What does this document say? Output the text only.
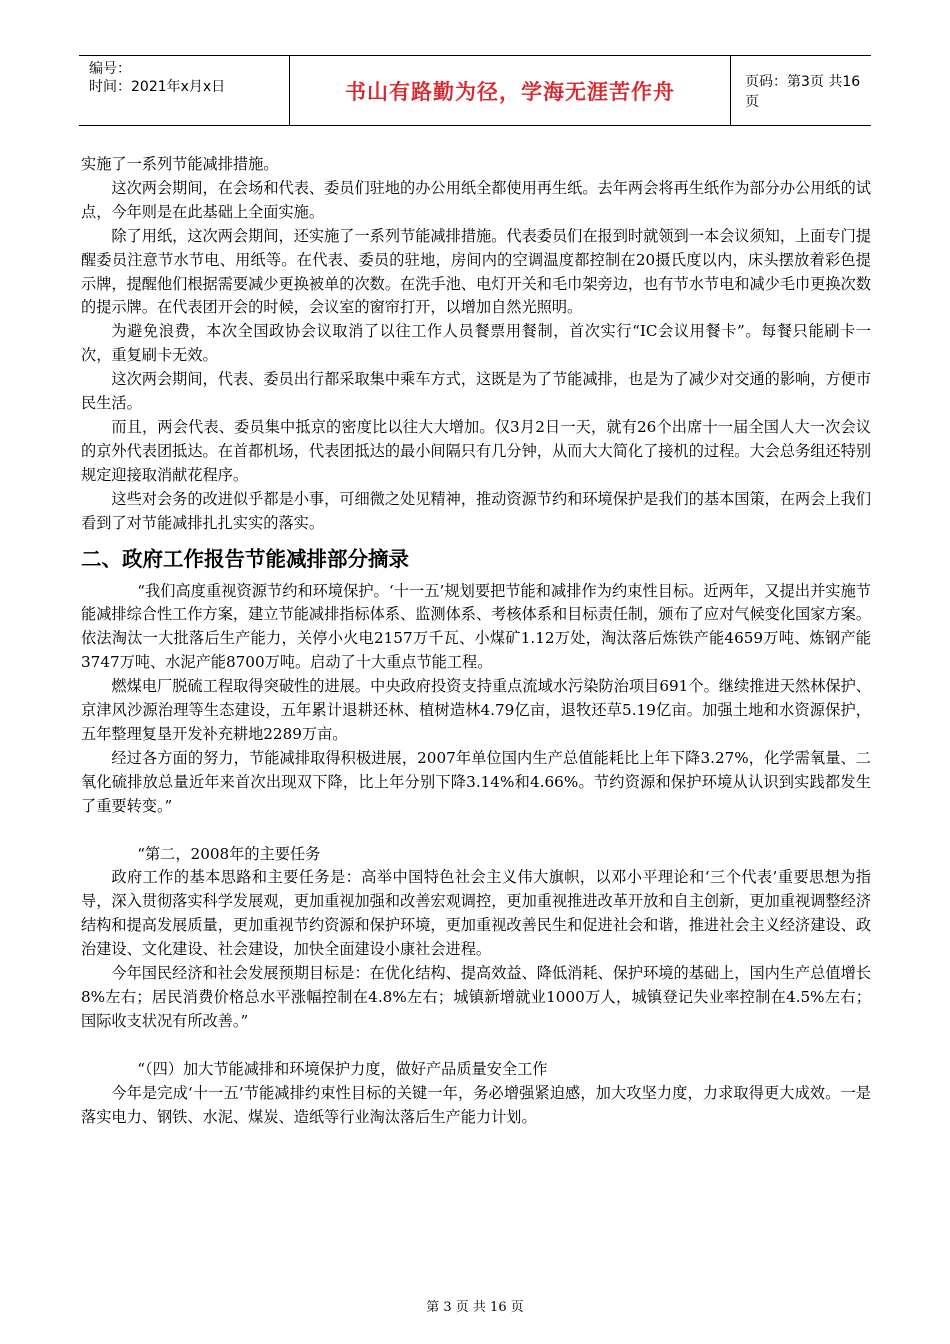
编号：
时间：2021年x月x日	书山有路勤为径，学海无涯苦作舟	页码：第3页 共16页

实施了一系列节能减排措施。

这次两会期间，在会场和代表、委员们驻地的办公用纸全都使用再生纸。去年两会将再生纸作为部分办公用纸的试点，今年则是在此基础上全面实施。

除了用纸，这次两会期间，还实施了一系列节能减排措施。代表委员们在报到时就领到一本会议须知，上面专门提醒委员注意节水节电、用纸等。在代表、委员的驻地，房间内的空调温度都控制在20摄氏度以内，床头摆放着彩色提示牌，提醒他们根据需要减少更换被单的次数。在洗手池、电灯开关和毛巾架旁边，也有节水节电和减少毛巾更换次数的提示牌。在代表团开会的时候，会议室的窗帘打开，以增加自然光照明。

为避免浪费，本次全国政协会议取消了以往工作人员餐票用餐制，首次实行“IC会议用餐卡”。每餐只能刷卡一次，重复刷卡无效。

这次两会期间，代表、委员出行都采取集中乘车方式，这既是为了节能减排，也是为了减少对交通的影响，方便市民生活。

而且，两会代表、委员集中抵京的密度比以往大大增加。仅3月2日一天，就有26个出席十一届全国人大一次会议的京外代表团抵达。在首都机场，代表团抵达的最小间隔只有几分钟，从而大大简化了接机的过程。大会总务组还特别规定迎接取消献花程序。

这些对会务的改进似乎都是小事，可细微之处见精神，推动资源节约和环境保护是我们的基本国策，在两会上我们看到了对节能减排扎扎实实的落实。

二、政府工作报告节能减排部分摘录

“我们高度重视资源节约和环境保护。‘十一五’规划要把节能和减排作为约束性目标。近两年，又提出并实施节能减排综合性工作方案，建立节能减排指标体系、监测体系、考核体系和目标责任制，颁布了应对气候变化国家方案。依法淘汰一大批落后生产能力，关停小火电2157万千瓦、小煤矿1.12万处，淘汰落后炼铁产能4659万吨、炼钢产能3747万吨、水泥产能8700万吨。启动了十大重点节能工程。

燃煤电厂脱硫工程取得突破性的进展。中央政府投资支持重点流域水污染防治项目691个。继续推进天然林保护、京津风沙源治理等生态建设，五年累计退耕还林、植树造林4.79亿亩，退牧还草5.19亿亩。加强土地和水资源保护，五年整理复垦开发补充耕地2289万亩。

经过各方面的努力，节能减排取得积极进展，2007年单位国内生产总值能耗比上年下降3.27%，化学需氧量、二氧化硫排放总量近年来首次出现双下降，比上年分别下降3.14%和4.66%。节约资源和保护环境从认识到实践都发生了重要转变。”

“第二，2008年的主要任务

政府工作的基本思路和主要任务是：高举中国特色社会主义伟大旗帜，以邓小平理论和‘三个代表’重要思想为指导，深入贯彻落实科学发展观，更加重视加强和改善宏观调控，更加重视推进改革开放和自主创新，更加重视调整经济结构和提高发展质量，更加重视节约资源和保护环境，更加重视改善民生和促进社会和谐，推进社会主义经济建设、政治建设、文化建设、社会建设，加快全面建设小康社会进程。

今年国民经济和社会发展预期目标是：在优化结构、提高效益、降低消耗、保护环境的基础上，国内生产总值增长8%左右；居民消费价格总水平涨幅控制在4.8%左右；城镇新增就业1000万人，城镇登记失业率控制在4.5%左右；国际收支状况有所改善。”

“（四）加大节能减排和环境保护力度，做好产品质量安全工作

今年是完成‘十一五’节能减排约束性目标的关键一年，务必增强紧迫感，加大攻坚力度，力求取得更大成效。一是落实电力、钢铁、水泥、煤炭、造纸等行业淘汰落后生产能力计划。

第 3 页 共 16 页
